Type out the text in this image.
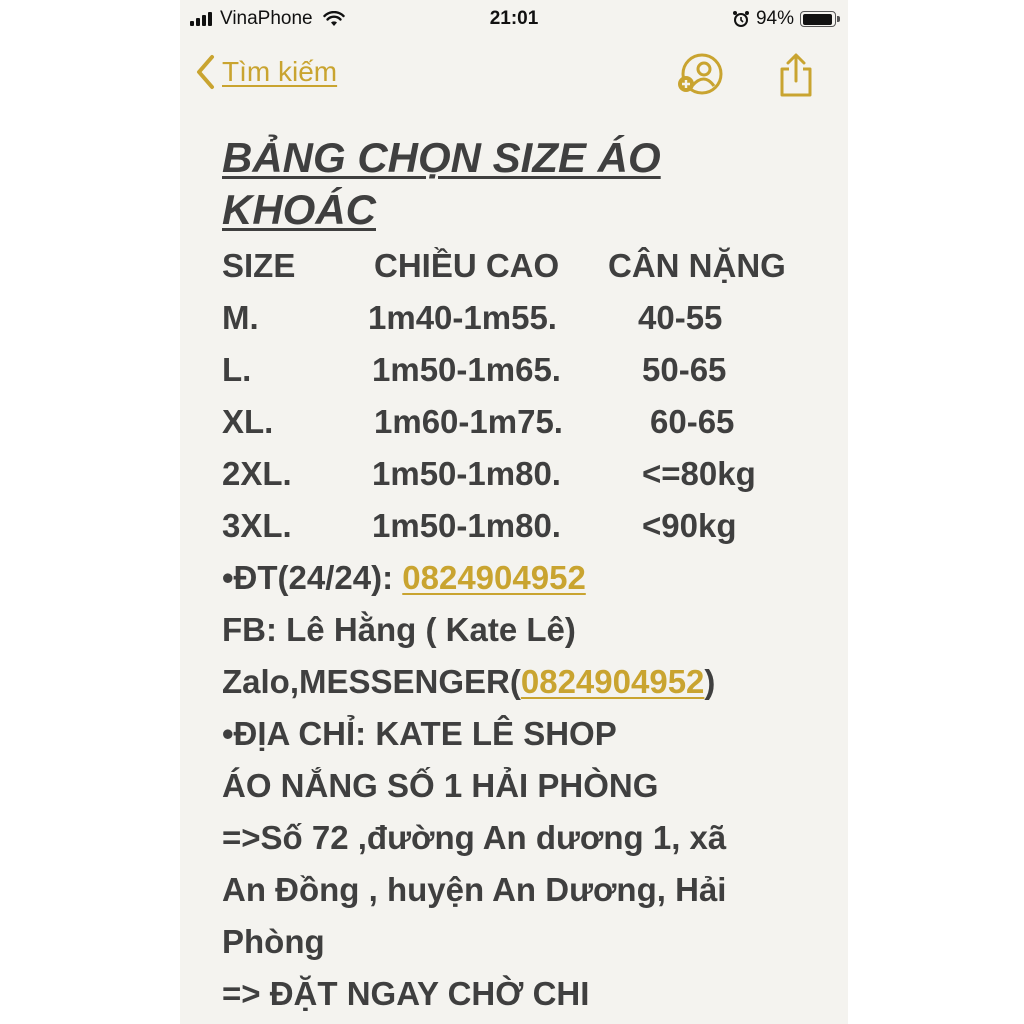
VinaPhone	21:01	94%
Tìm kiếm
BẢNG CHỌN SIZE ÁO KHOÁC
SIZE CHIỀU CAO CÂN NẶNG
M.	1m40-1m55. 40-55
L.	1m50-1m65. 50-65
XL.	1m60-1m75.	60-65
2XL. 1m50-1m80. <=80kg
3XL. 1m50-1m80. <90kg
•ĐT(24/24): 0824904952
FB: Lê Hằng ( Kate Lê)
Zalo,MESSENGER(0824904952)
•ĐỊA CHỈ: KATE LÊ SHOP
ÁO NẮNG SỐ 1 HẢI PHÒNG
=>Số 72 ,đường An dương 1, xã
An Đồng , huyện An Dương, Hải
Phòng
=> ĐẶT NGAY CHỜ CHI
